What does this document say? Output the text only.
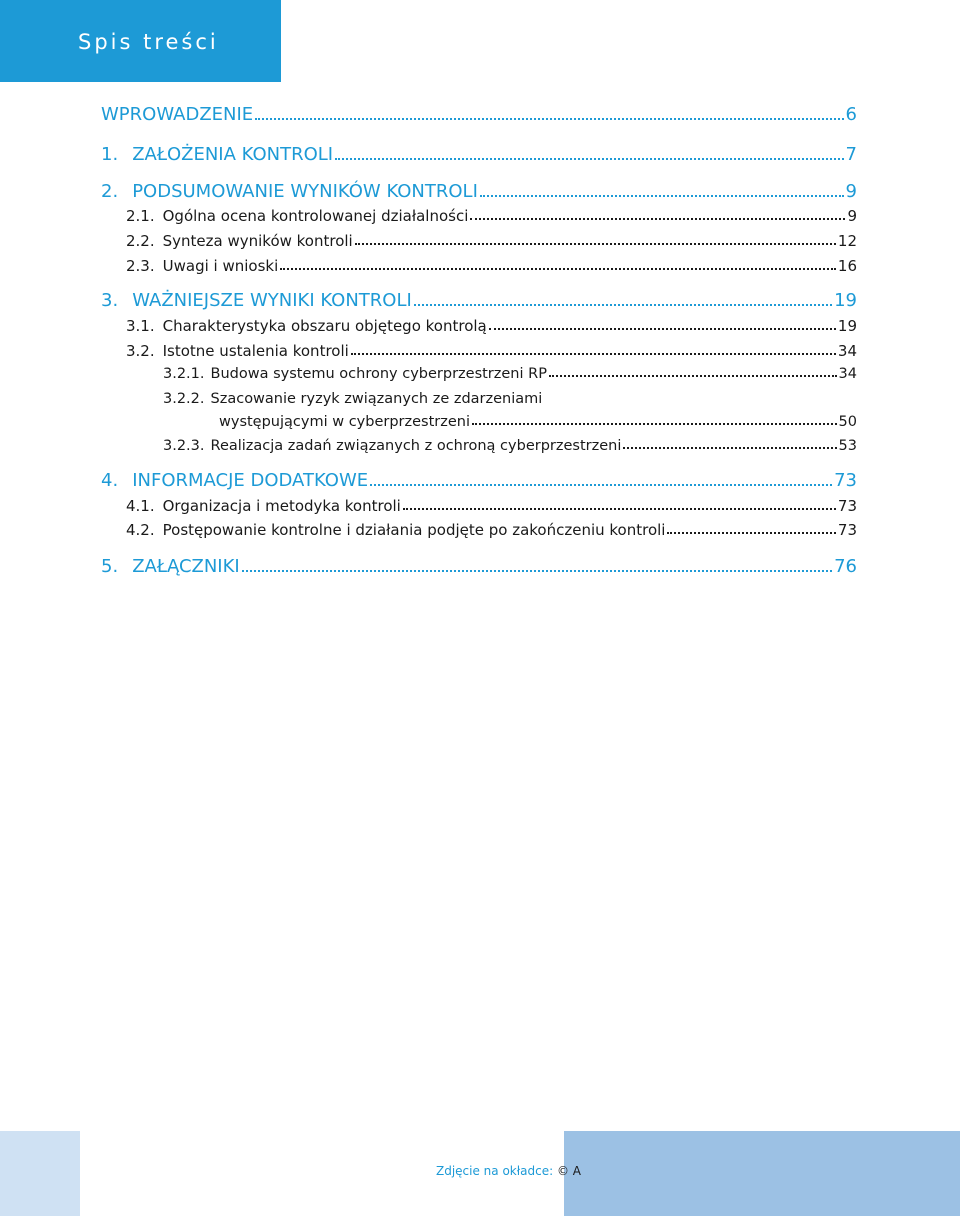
Spis treści
WPROWADZENIE	6
1. ZAŁOŻENIA KONTROLI	7
2. PODSUMOWANIE WYNIKÓW KONTROLI	9
2.1. Ogólna ocena kontrolowanej działalności	9
2.2. Synteza wyników kontroli	12
2.3. Uwagi i wnioski	16
3. WAŻNIEJSZE WYNIKI KONTROLI	19
3.1. Charakterystyka obszaru objętego kontrolą	19
3.2. Istotne ustalenia kontroli	34
3.2.1. Budowa systemu ochrony cyberprzestrzeni RP	34
3.2.2. Szacowanie ryzyk związanych ze zdarzeniami
występującymi w cyberprzestrzeni	50
3.2.3. Realizacja zadań związanych z ochroną cyberprzestrzeni	53
4. INFORMACJE DODATKOWE	73
4.1. Organizacja i metodyka kontroli	73
4.2. Postępowanie kontrolne i działania podjęte po zakończeniu kontroli	73
5. ZAŁĄCZNIKI	76
Zdjęcie na okładce: © A
